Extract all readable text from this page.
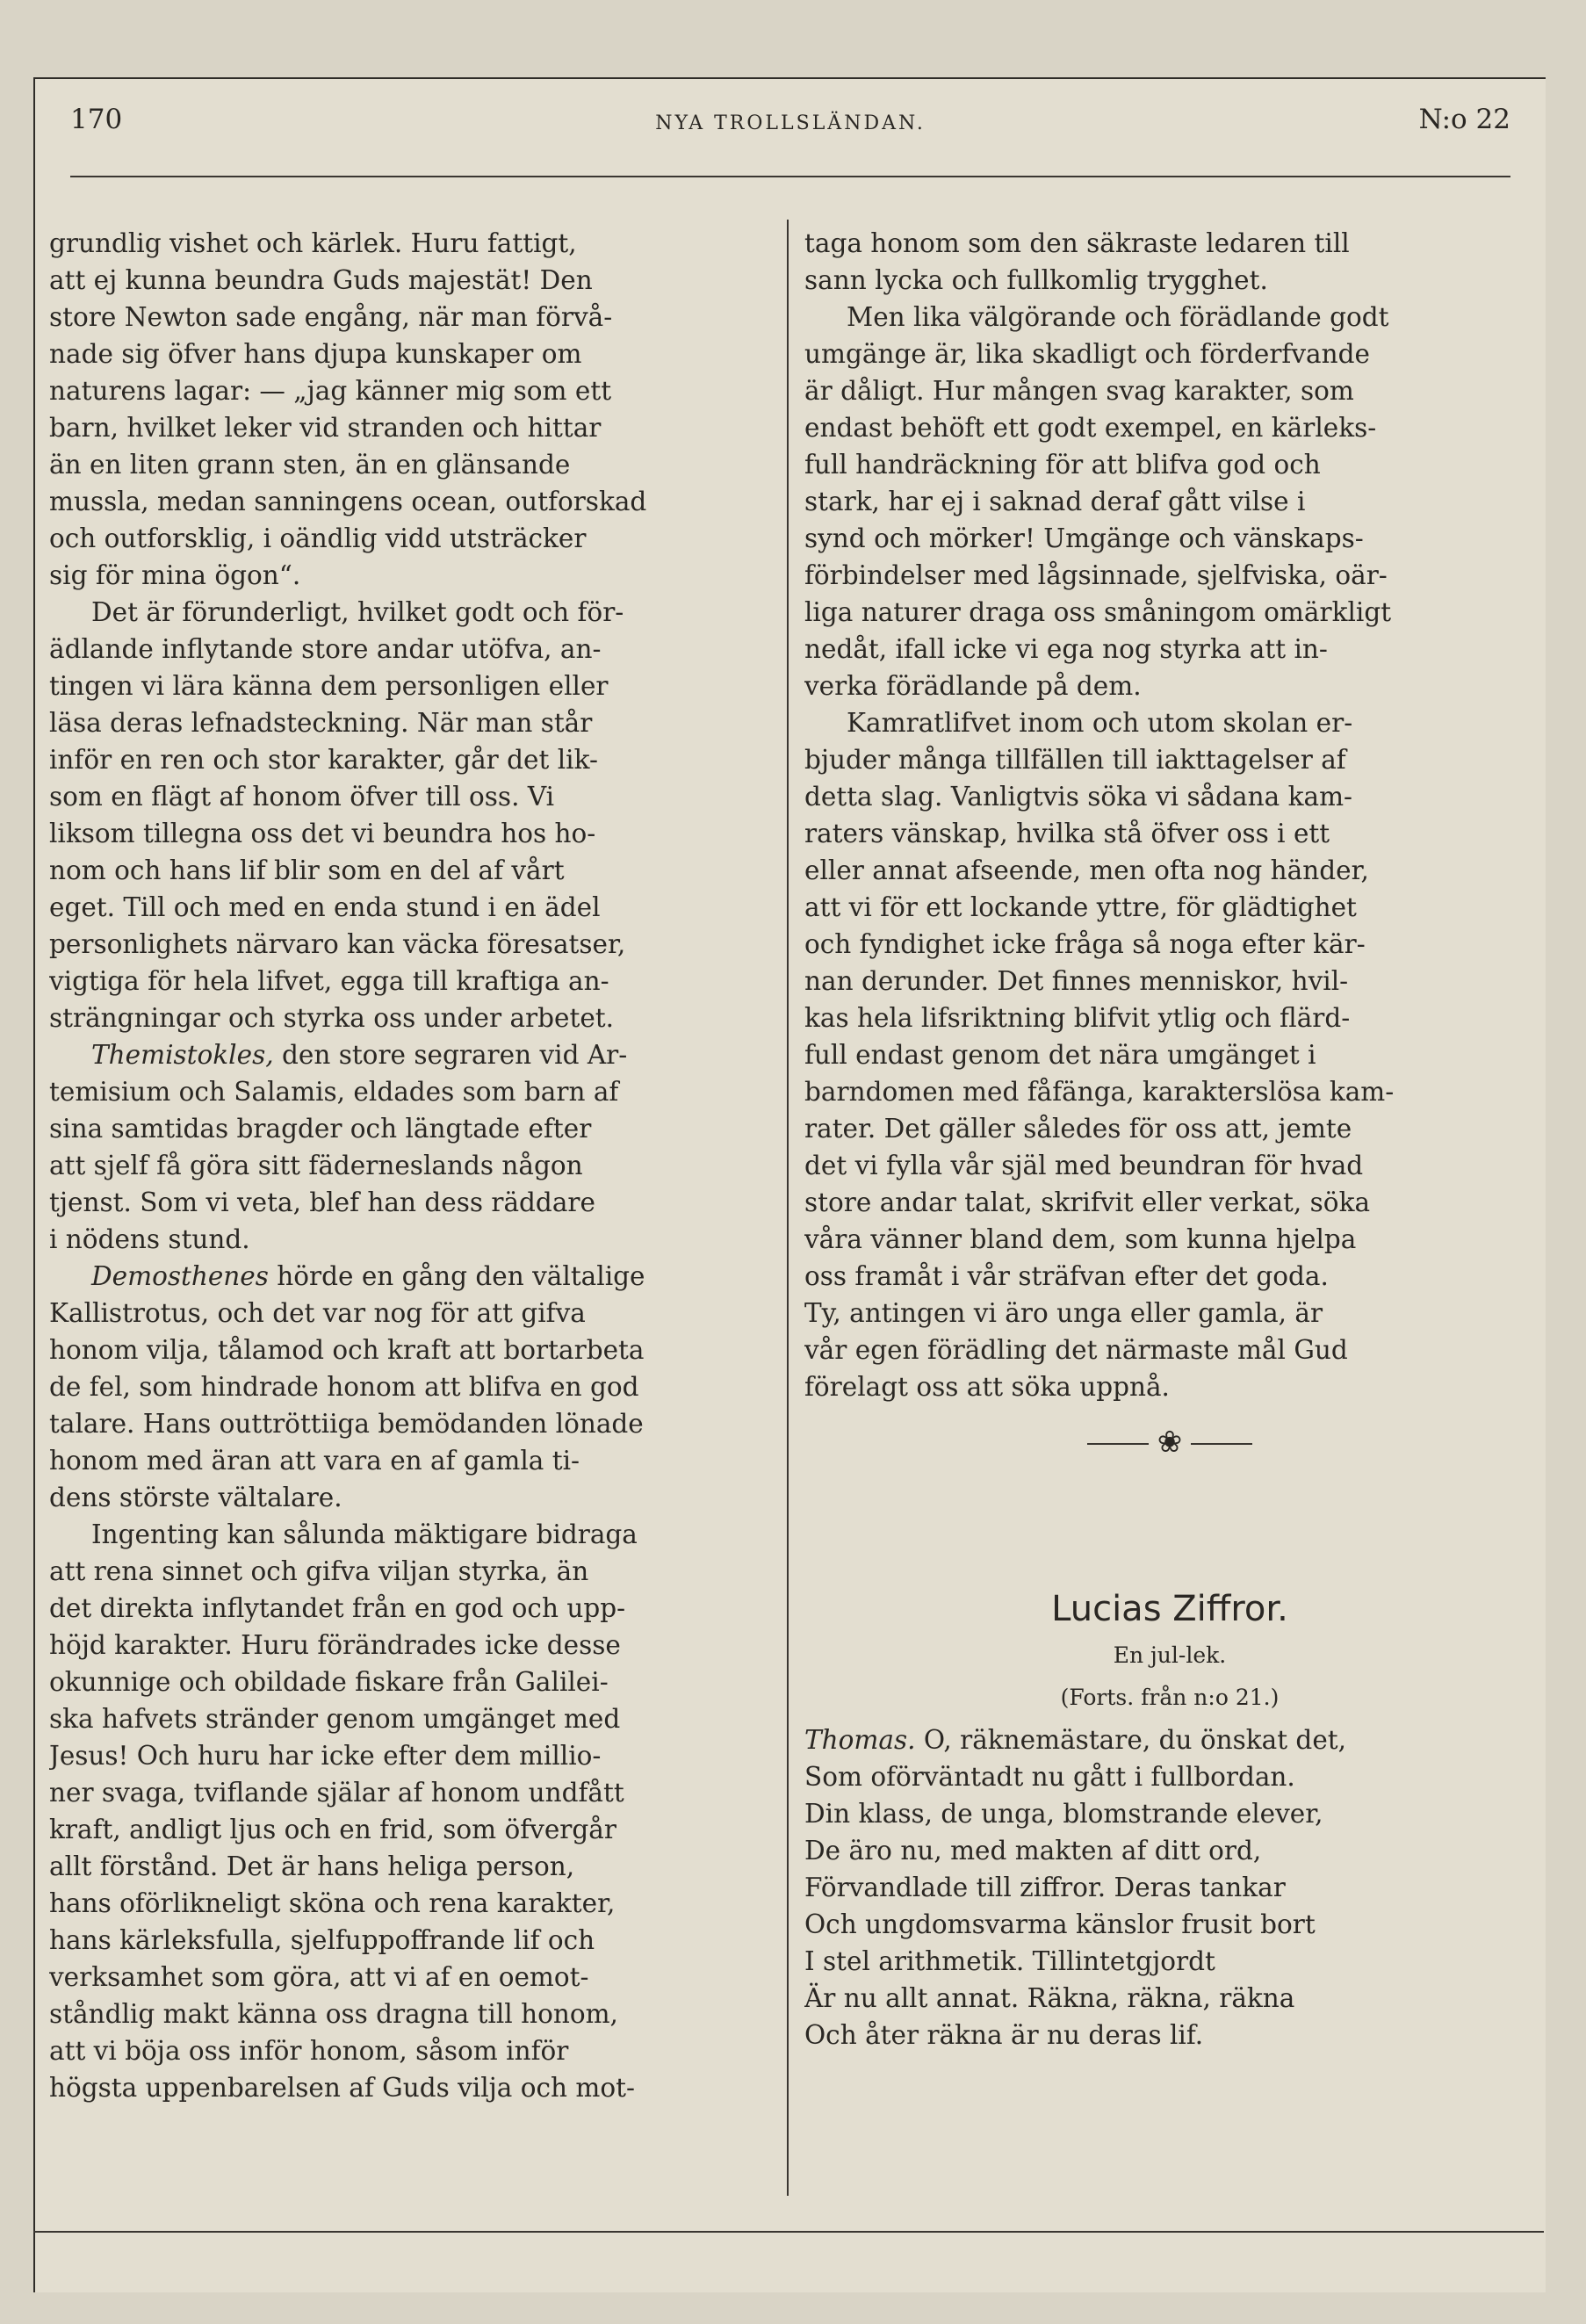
170	NYA TROLLSLÄNDAN.	N:o 22
grundlig vishet och kärlek. Huru fattigt,
att ej kunna beundra Guds majestät! Den
store Newton sade engång, när man förvå-
nade sig öfver hans djupa kunskaper om
naturens lagar: — „jag känner mig som ett
barn, hvilket leker vid stranden och hittar
än en liten grann sten, än en glänsande
mussla, medan sanningens ocean, outforskad
och outforsklig, i oändlig vidd utsträcker
sig för mina ögon“.
Det är förunderligt, hvilket godt och för-
ädlande inflytande store andar utöfva, an-
tingen vi lära känna dem personligen eller
läsa deras lefnadsteckning. När man står
inför en ren och stor karakter, går det lik-
som en flägt af honom öfver till oss. Vi
liksom tillegna oss det vi beundra hos ho-
nom och hans lif blir som en del af vårt
eget. Till och med en enda stund i en ädel
personlighets närvaro kan väcka föresatser,
vigtiga för hela lifvet, egga till kraftiga an-
strängningar och styrka oss under arbetet.
Themistokles, den store segraren vid Ar-
temisium och Salamis, eldades som barn af
sina samtidas bragder och längtade efter
att sjelf få göra sitt fäderneslands någon
tjenst. Som vi veta, blef han dess räddare
i nödens stund.
Demosthenes hörde en gång den vältalige
Kallistrotus, och det var nog för att gifva
honom vilja, tålamod och kraft att bortarbeta
de fel, som hindrade honom att blifva en god
talare. Hans outtröttiiga bemödanden lönade
honom med äran att vara en af gamla ti-
dens störste vältalare.
Ingenting kan sålunda mäktigare bidraga
att rena sinnet och gifva viljan styrka, än
det direkta inflytandet från en god och upp-
höjd karakter. Huru förändrades icke desse
okunnige och obildade fiskare från Galilei-
ska hafvets stränder genom umgänget med
Jesus! Och huru har icke efter dem millio-
ner svaga, tviflande själar af honom undfått
kraft, andligt ljus och en frid, som öfvergår
allt förstånd. Det är hans heliga person,
hans oförlikneligt sköna och rena karakter,
hans kärleksfulla, sjelfuppoffrande lif och
verksamhet som göra, att vi af en oemot-
ståndlig makt känna oss dragna till honom,
att vi böja oss inför honom, såsom inför
högsta uppenbarelsen af Guds vilja och mot-
taga honom som den säkraste ledaren till
sann lycka och fullkomlig trygghet.
Men lika välgörande och förädlande godt
umgänge är, lika skadligt och förderfvande
är dåligt. Hur mången svag karakter, som
endast behöft ett godt exempel, en kärleks-
full handräckning för att blifva god och
stark, har ej i saknad deraf gått vilse i
synd och mörker! Umgänge och vänskaps-
förbindelser med lågsinnade, sjelfviska, oär-
liga naturer draga oss småningom omärkligt
nedåt, ifall icke vi ega nog styrka att in-
verka förädlande på dem.
Kamratlifvet inom och utom skolan er-
bjuder många tillfällen till iakttagelser af
detta slag. Vanligtvis söka vi sådana kam-
raters vänskap, hvilka stå öfver oss i ett
eller annat afseende, men ofta nog händer,
att vi för ett lockande yttre, för glädtighet
och fyndighet icke fråga så noga efter kär-
nan derunder. Det finnes menniskor, hvil-
kas hela lifsriktning blifvit ytlig och flärd-
full endast genom det nära umgänget i
barndomen med fåfänga, karakterslösa kam-
rater. Det gäller således för oss att, jemte
det vi fylla vår själ med beundran för hvad
store andar talat, skrifvit eller verkat, söka
våra vänner bland dem, som kunna hjelpa
oss framåt i vår sträfvan efter det goda.
Ty, antingen vi äro unga eller gamla, är
vår egen förädling det närmaste mål Gud
förelagt oss att söka uppnå.
❀
Lucias Ziffror.
En jul-lek.
(Forts. från n:o 21.)
Thomas. O, räknemästare, du önskat det,
Som oförväntadt nu gått i fullbordan.
Din klass, de unga, blomstrande elever,
De äro nu, med makten af ditt ord,
Förvandlade till ziffror. Deras tankar
Och ungdomsvarma känslor frusit bort
I stel arithmetik. Tillintetgjordt
Är nu allt annat. Räkna, räkna, räkna
Och åter räkna är nu deras lif.
